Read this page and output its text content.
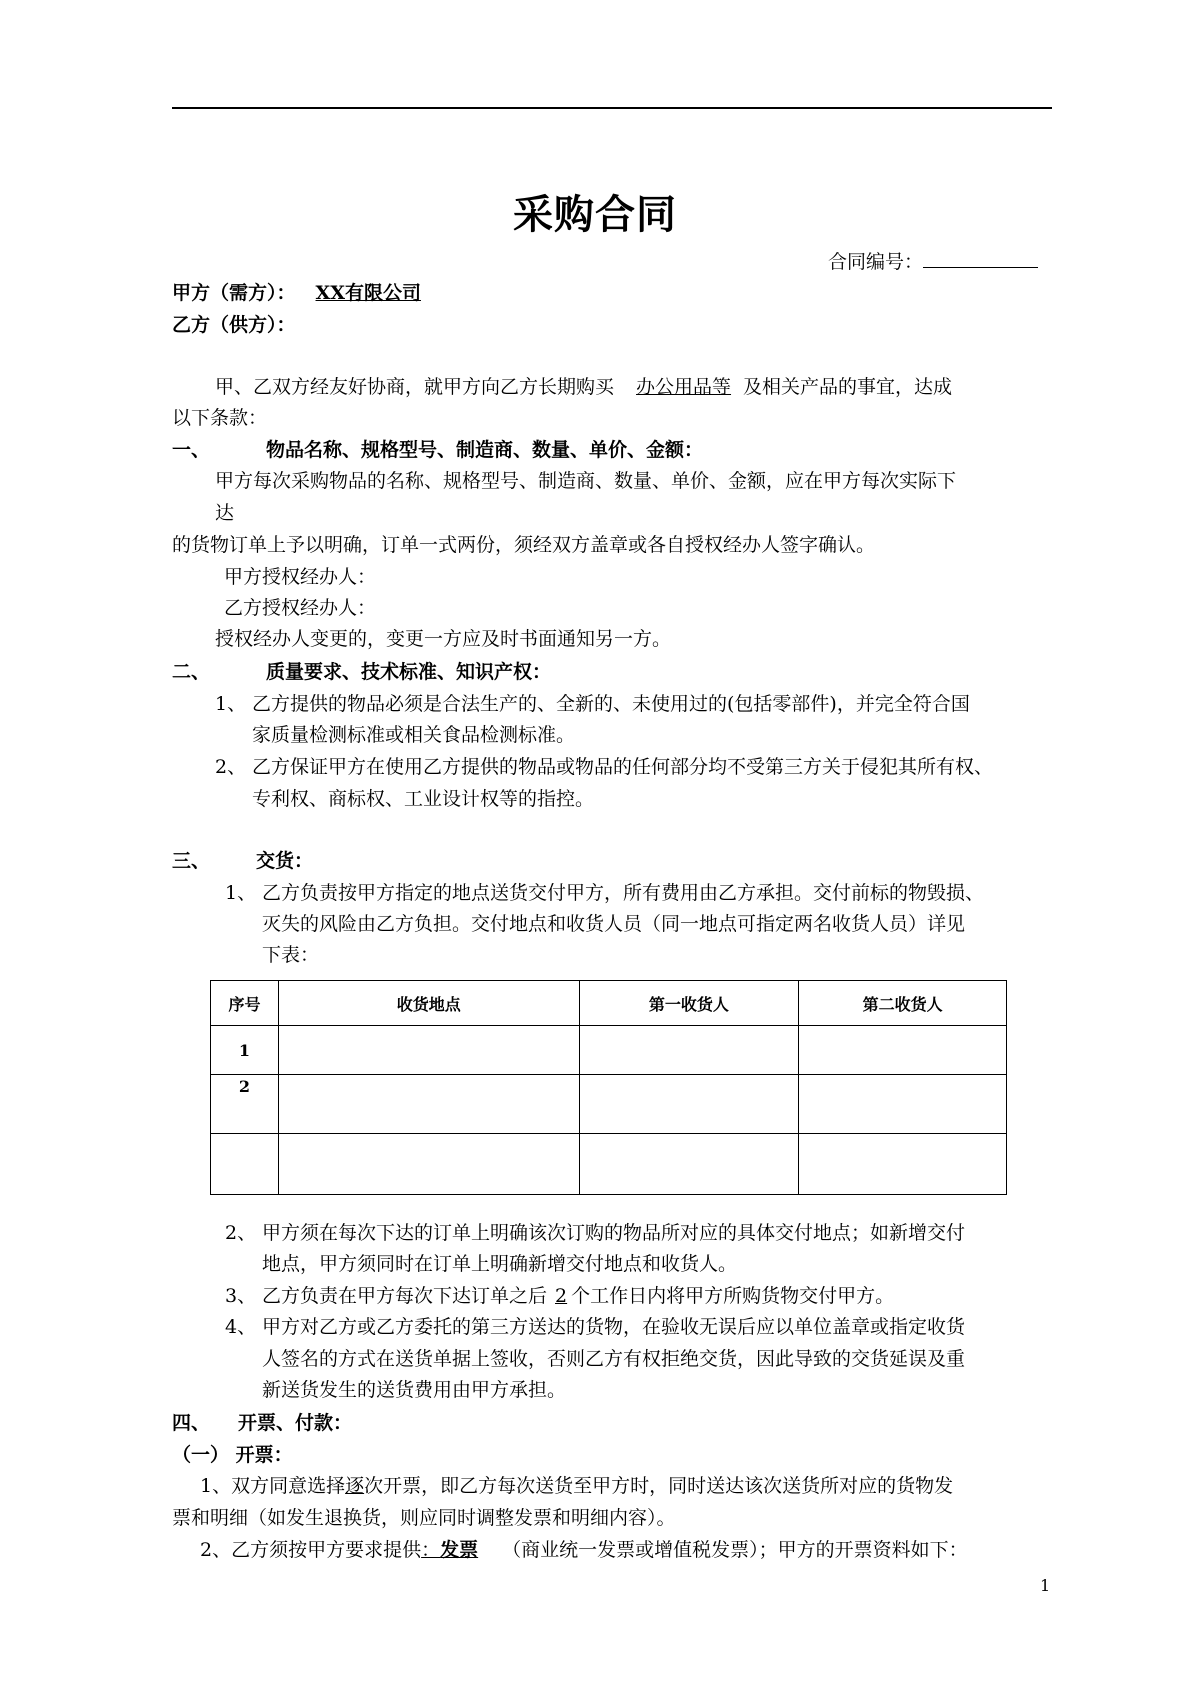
采购合同
合同编号：
甲方（需方）： XX有限公司
乙方（供方）：
甲、乙双方经友好协商，就甲方向乙方长期购买 办公用品等 及相关产品的事宜，达成
以下条款：
一、	物品名称、规格型号、制造商、数量、单价、金额：
甲方每次采购物品的名称、规格型号、制造商、数量、单价、金额，应在甲方每次实际下
达
的货物订单上予以明确，订单一式两份，须经双方盖章或各自授权经办人签字确认。
甲方授权经办人：
乙方授权经办人：
授权经办人变更的，变更一方应及时书面通知另一方。
二、	质量要求、技术标准、知识产权：
1、 乙方提供的物品必须是合法生产的、全新的、未使用过的(包括零部件)，并完全符合国
家质量检测标准或相关食品检测标准。
2、 乙方保证甲方在使用乙方提供的物品或物品的任何部分均不受第三方关于侵犯其所有权、
专利权、商标权、工业设计权等的指控。
三、 交货：
1、 乙方负责按甲方指定的地点送货交付甲方，所有费用由乙方承担。交付前标的物毁损、
灭失的风险由乙方负担。交付地点和收货人员（同一地点可指定两名收货人员）详见
下表：
序号	收货地点	第一收货人	第二收货人
1			
2			

2、 甲方须在每次下达的订单上明确该次订购的物品所对应的具体交付地点；如新增交付
地点，甲方须同时在订单上明确新增交付地点和收货人。
3、 乙方负责在甲方每次下达订单之后 2 个工作日内将甲方所购货物交付甲方。
4、 甲方对乙方或乙方委托的第三方送达的货物，在验收无误后应以单位盖章或指定收货
人签名的方式在送货单据上签收，否则乙方有权拒绝交货，因此导致的交货延误及重
新送货发生的送货费用由甲方承担。
四、 开票、付款：
（一） 开票：
1、双方同意选择逐次开票，即乙方每次送货至甲方时，同时送达该次送货所对应的货物发
票和明细（如发生退换货，则应同时调整发票和明细内容）。
2、乙方须按甲方要求提供：发票 （商业统一发票或增值税发票）；甲方的开票资料如下：
1
